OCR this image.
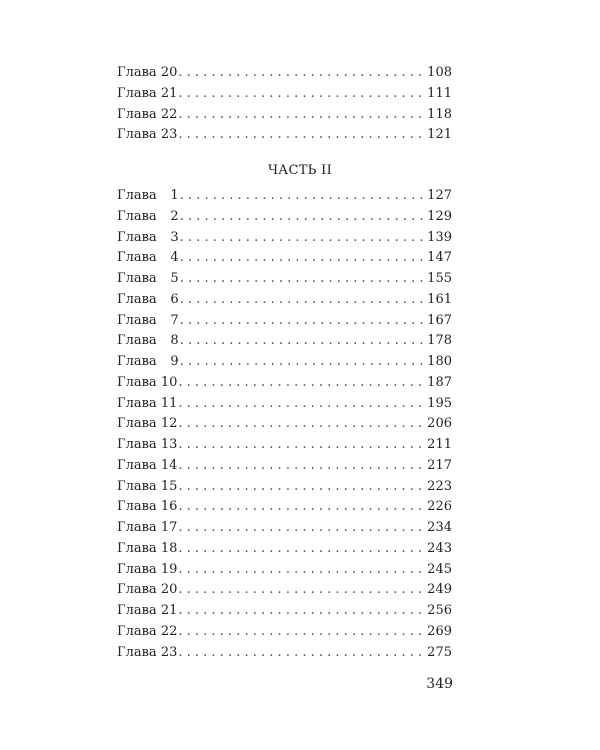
Глава 20 . . .	108
Глава 21 . . .	111
Глава 22 . . .	118
Глава 23 . . .	121
ЧАСТЬ II
Глава 1 . . .	127
Глава 2 . . .	129
Глава 3 . . .	139
Глава 4 . . .	147
Глава 5 . . .	155
Глава 6 . . .	161
Глава 7 . . .	167
Глава 8 . . .	178
Глава 9 . . .	180
Глава 10 . . .	187
Глава 11 . . .	195
Глава 12 . . .	206
Глава 13 . . .	211
Глава 14 . . .	217
Глава 15 . . .	223
Глава 16 . . .	226
Глава 17 . . .	234
Глава 18 . . .	243
Глава 19 . . .	245
Глава 20 . . .	249
Глава 21 . . .	256
Глава 22 . . .	269
Глава 23 . . .	275
349
